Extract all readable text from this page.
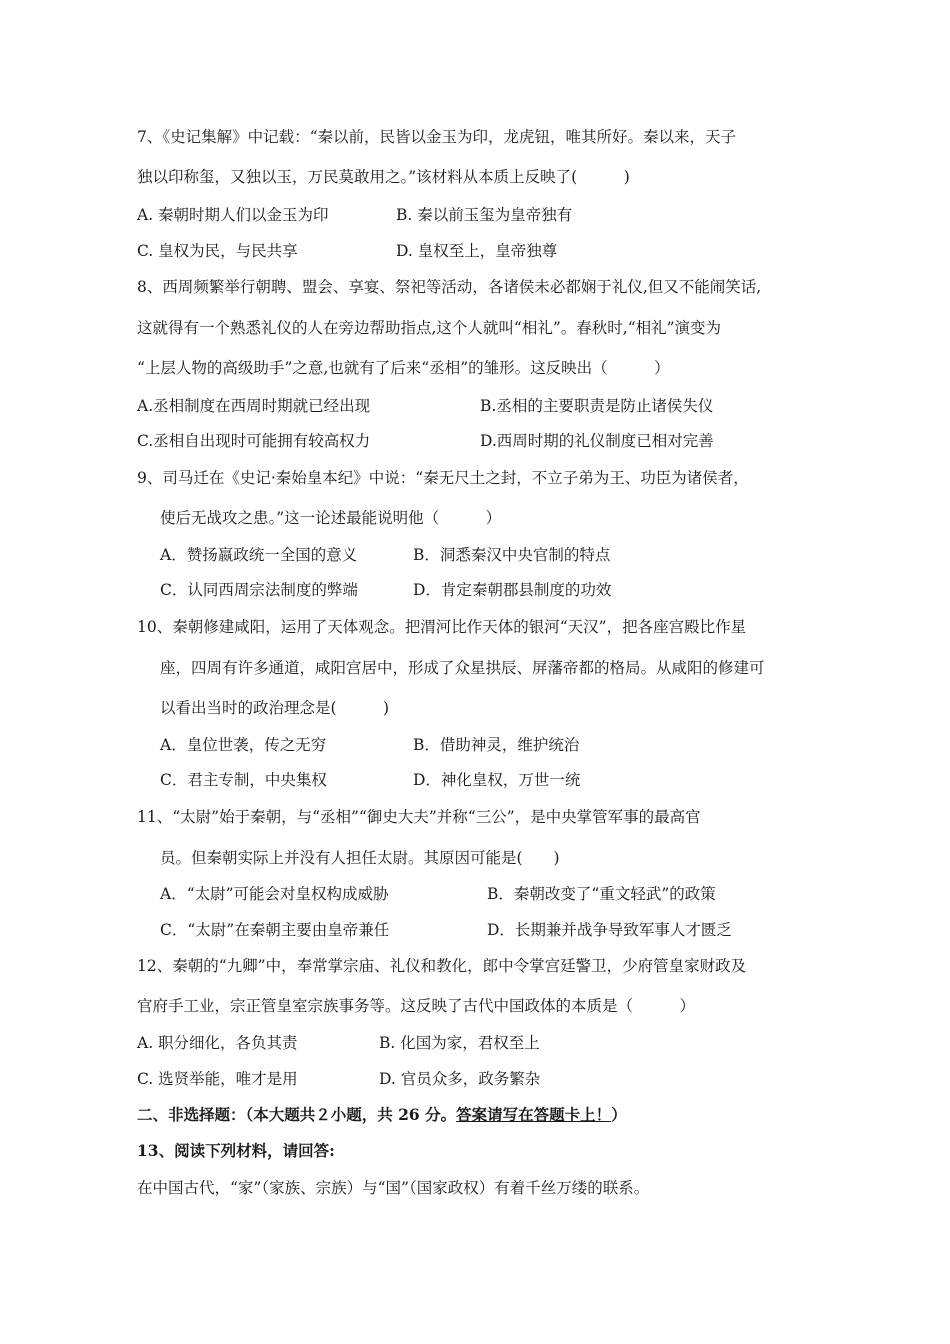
7、《史记集解》中记载：“秦以前，民皆以金玉为印，龙虎钮，唯其所好。秦以来，天子
独以印称玺，又独以玉，万民莫敢用之。”该材料从本质上反映了(　　　)
A. 秦朝时期人们以金玉为印	B. 秦以前玉玺为皇帝独有
C. 皇权为民，与民共享	D. 皇权至上，皇帝独尊
8、西周频繁举行朝聘、盟会、享宴、祭祀等活动，各诸侯未必都娴于礼仪,但又不能闹笑话,
这就得有一个熟悉礼仪的人在旁边帮助指点,这个人就叫“相礼”。春秋时,“相礼”演变为
“上层人物的高级助手”之意,也就有了后来“丞相”的雏形。这反映出（　　　）
A.丞相制度在西周时期就已经出现	B.丞相的主要职责是防止诸侯失仪
C.丞相自出现时可能拥有较高权力	D.西周时期的礼仪制度已相对完善
9、司马迁在《史记·秦始皇本纪》中说：“秦无尺土之封，不立子弟为王、功臣为诸侯者，
使后无战攻之患。”这一论述最能说明他（　　　）
A．赞扬嬴政统一全国的意义	B．洞悉秦汉中央官制的特点
C．认同西周宗法制度的弊端	D．肯定秦朝郡县制度的功效
10、秦朝修建咸阳，运用了天体观念。把渭河比作天体的银河“天汉”，把各座宫殿比作星
座，四周有许多通道，咸阳宫居中，形成了众星拱辰、屏藩帝都的格局。从咸阳的修建可
以看出当时的政治理念是(　　　)
A．皇位世袭，传之无穷	B．借助神灵，维护统治
C．君主专制，中央集权	D．神化皇权，万世一统
11、“太尉”始于秦朝，与“丞相”“御史大夫”并称“三公”，是中央掌管军事的最高官
员。但秦朝实际上并没有人担任太尉。其原因可能是(　　)
A．“太尉”可能会对皇权构成威胁	B．秦朝改变了“重文轻武”的政策
C．“太尉”在秦朝主要由皇帝兼任	D．长期兼并战争导致军事人才匮乏
12、秦朝的“九卿”中，奉常掌宗庙、礼仪和教化，郎中令掌宫廷警卫，少府管皇家财政及
官府手工业，宗正管皇室宗族事务等。这反映了古代中国政体的本质是（　　　）
A. 职分细化，各负其责	B. 化国为家，君权至上
C. 选贤举能，唯才是用	D. 官员众多，政务繁杂
二、非选择题：（本大题共２小题，共 26 分。答案请写在答题卡上！）
13、阅读下列材料，请回答:
在中国古代，“家”（家族、宗族）与“国”（国家政权）有着千丝万缕的联系。
